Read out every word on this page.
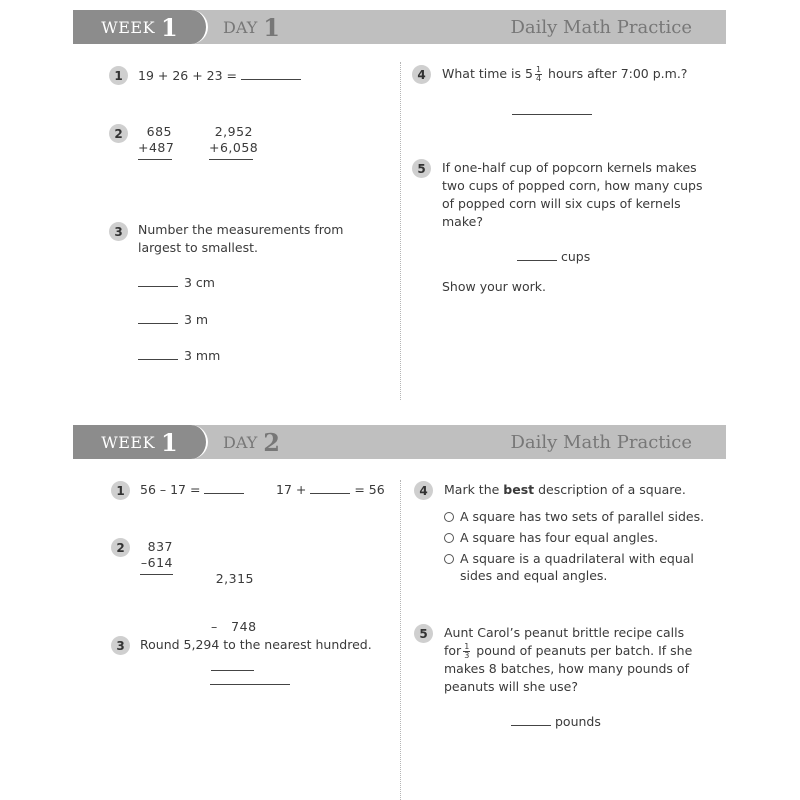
WEEK 1	DAY 1	Daily Math Practice
1	19 + 26 + 23 =
2	685
+487
2,952
+6,058
3	Number the measurements from
largest to smallest.
3 cm
3 m
3 mm
4	What time is $5 \frac{1}{4}$ hours after 7:00 p.m.?
5	If one-half cup of popcorn kernels makes
two cups of popped corn, how many cups
of popped corn will six cups of kernels
make?
cups
Show your work.
WEEK 1	DAY 2	Daily Math Practice
1	56 – 17 =	17 +	= 56
2	837
–614

2,315

–   748

3	Round 5,294 to the nearest hundred.
4	Mark the best description of a square.
A square has two sets of parallel sides.
A square has four equal angles.
A square is a quadrilateral with equal
sides and equal angles.
5	Aunt Carol’s peanut brittle recipe calls
for $\frac{1}{3}$ pound of peanuts per batch. If she
makes 8 batches, how many pounds of
peanuts will she use?
pounds
